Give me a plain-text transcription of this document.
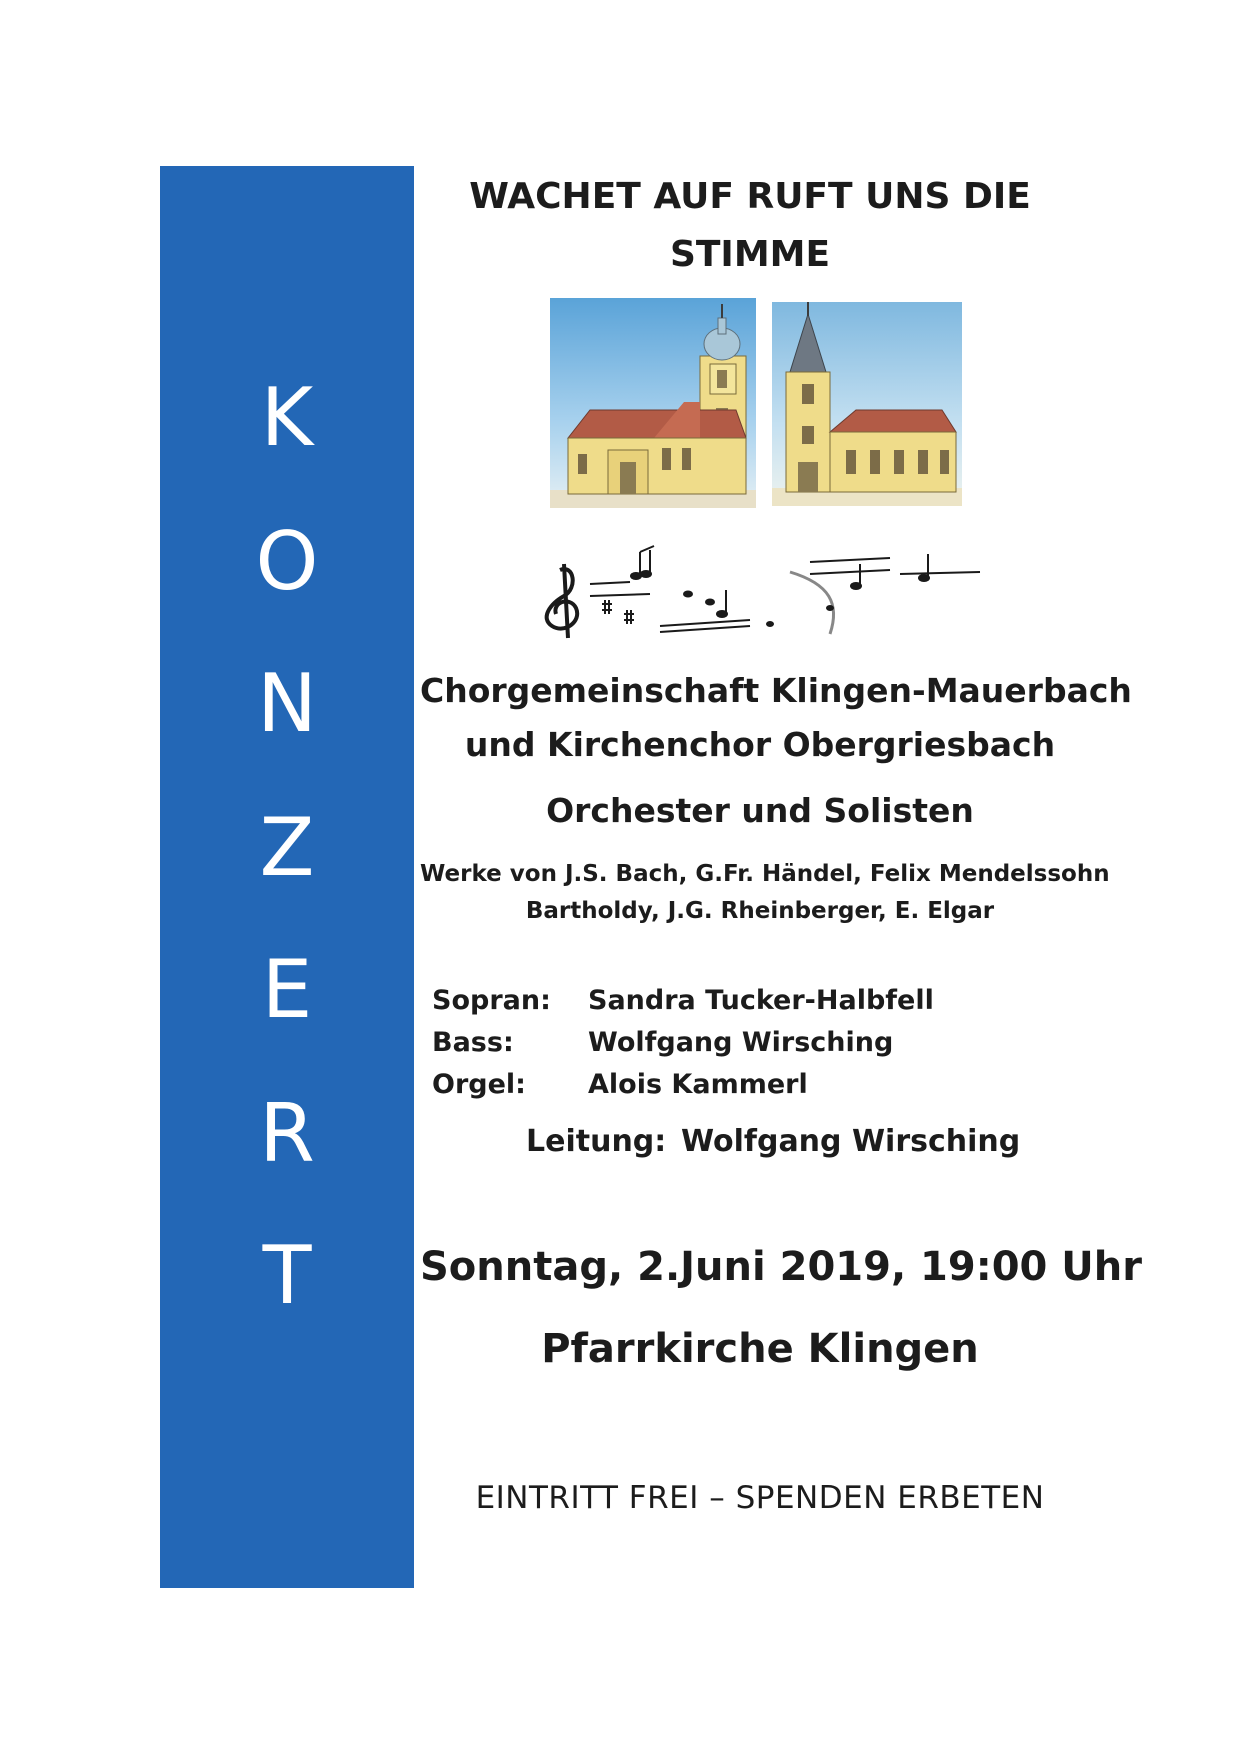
K
O
N
Z
E
R
T
WACHET AUF RUFT UNS DIE
STIMME
Chorgemeinschaft Klingen-Mauerbach
und Kirchenchor Obergriesbach
Orchester und Solisten
Werke von J.S. Bach, G.Fr. Händel, Felix Mendelssohn
Bartholdy, J.G. Rheinberger, E. Elgar
Sopran: Sandra Tucker-Halbfell
Bass:	Wolfgang Wirsching
Orgel: Alois Kammerl
Leitung: Wolfgang Wirsching
Sonntag, 2.Juni 2019, 19:00 Uhr
Pfarrkirche Klingen
EINTRITT FREI – SPENDEN ERBETEN
